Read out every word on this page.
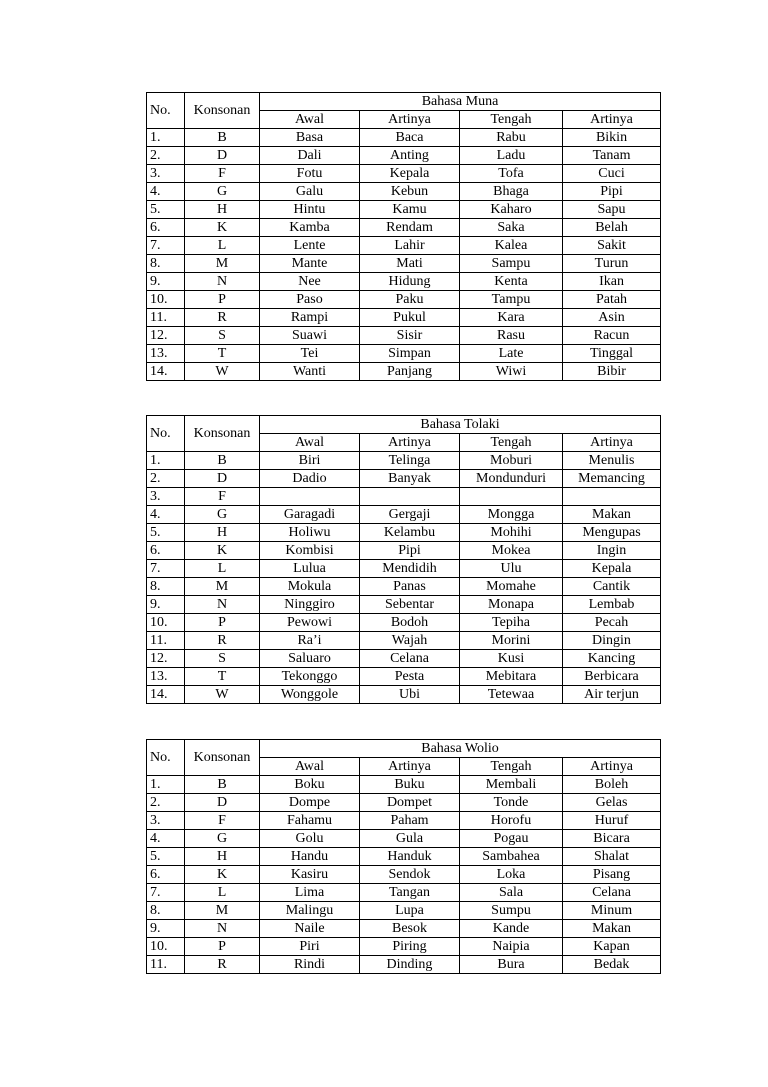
No.	Konsonan	Bahasa Muna			
		Awal	Artinya	Tengah	Artinya
1.	B	Basa	Baca	Rabu	Bikin
2.	D	Dali	Anting	Ladu	Tanam
3.	F	Fotu	Kepala	Tofa	Cuci
4.	G	Galu	Kebun	Bhaga	Pipi
5.	H	Hintu	Kamu	Kaharo	Sapu
6.	K	Kamba	Rendam	Saka	Belah
7.	L	Lente	Lahir	Kalea	Sakit
8.	M	Mante	Mati	Sampu	Turun
9.	N	Nee	Hidung	Kenta	Ikan
10.	P	Paso	Paku	Tampu	Patah
11.	R	Rampi	Pukul	Kara	Asin
12.	S	Suawi	Sisir	Rasu	Racun
13.	T	Tei	Simpan	Late	Tinggal
14.	W	Wanti	Panjang	Wiwi	Bibir
No.	Konsonan	Bahasa Tolaki			
		Awal	Artinya	Tengah	Artinya
1.	B	Biri	Telinga	Moburi	Menulis
2.	D	Dadio	Banyak	Mondunduri	Memancing
3.	F				
4.	G	Garagadi	Gergaji	Mongga	Makan
5.	H	Holiwu	Kelambu	Mohihi	Mengupas
6.	K	Kombisi	Pipi	Mokea	Ingin
7.	L	Lulua	Mendidih	Ulu	Kepala
8.	M	Mokula	Panas	Momahe	Cantik
9.	N	Ninggiro	Sebentar	Monapa	Lembab
10.	P	Pewowi	Bodoh	Tepiha	Pecah
11.	R	Ra’i	Wajah	Morini	Dingin
12.	S	Saluaro	Celana	Kusi	Kancing
13.	T	Tekonggo	Pesta	Mebitara	Berbicara
14.	W	Wonggole	Ubi	Tetewaa	Air terjun
No.	Konsonan	Bahasa Wolio			
		Awal	Artinya	Tengah	Artinya
1.	B	Boku	Buku	Membali	Boleh
2.	D	Dompe	Dompet	Tonde	Gelas
3.	F	Fahamu	Paham	Horofu	Huruf
4.	G	Golu	Gula	Pogau	Bicara
5.	H	Handu	Handuk	Sambahea	Shalat
6.	K	Kasiru	Sendok	Loka	Pisang
7.	L	Lima	Tangan	Sala	Celana
8.	M	Malingu	Lupa	Sumpu	Minum
9.	N	Naile	Besok	Kande	Makan
10.	P	Piri	Piring	Naipia	Kapan
11.	R	Rindi	Dinding	Bura	Bedak
